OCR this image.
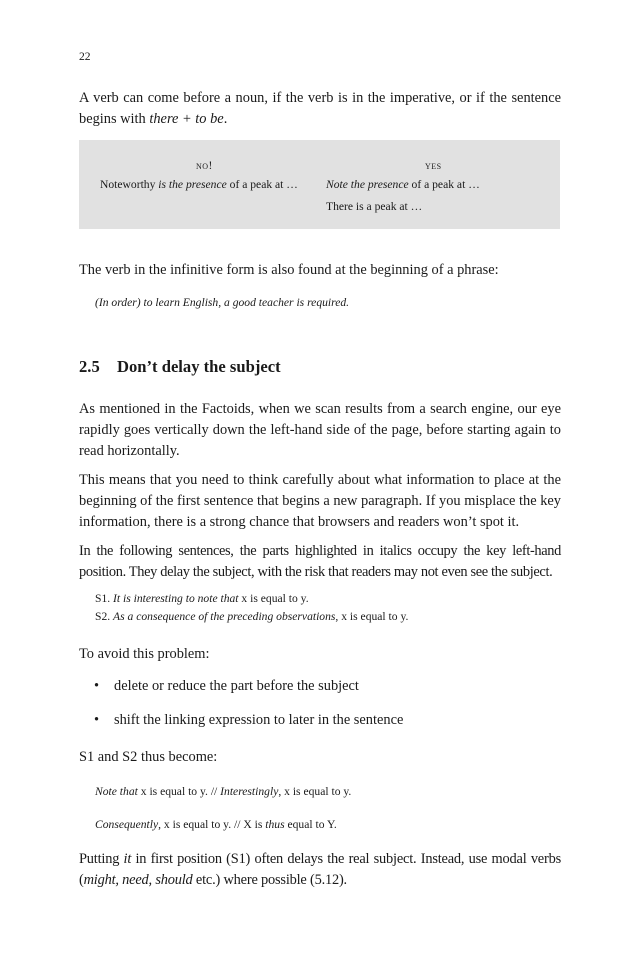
22
A verb can come before a noun, if the verb is in the imperative, or if the sentence begins with there + to be.
no!	yes
Noteworthy is the presence of a peak at … Note the presence of a peak at …
There is a peak at …
The verb in the infinitive form is also found at the beginning of a phrase:
(In order) to learn English, a good teacher is required.
2.5 Don’t delay the subject
As mentioned in the Factoids, when we scan results from a search engine, our eye rapidly goes vertically down the left-hand side of the page, before starting again to read horizontally.
This means that you need to think carefully about what information to place at the beginning of the first sentence that begins a new paragraph. If you misplace the key information, there is a strong chance that browsers and readers won’t spot it.
In the following sentences, the parts highlighted in italics occupy the key left-hand position. They delay the subject, with the risk that readers may not even see the subject.
S1. It is interesting to note that x is equal to y.
S2. As a consequence of the preceding observations, x is equal to y.
To avoid this problem:
• delete or reduce the part before the subject
• shift the linking expression to later in the sentence
S1 and S2 thus become:
Note that x is equal to y. // Interestingly, x is equal to y.
Consequently, x is equal to y. // X is thus equal to Y.
Putting it in first position (S1) often delays the real subject. Instead, use modal verbs (might, need, should etc.) where possible (5.12).
